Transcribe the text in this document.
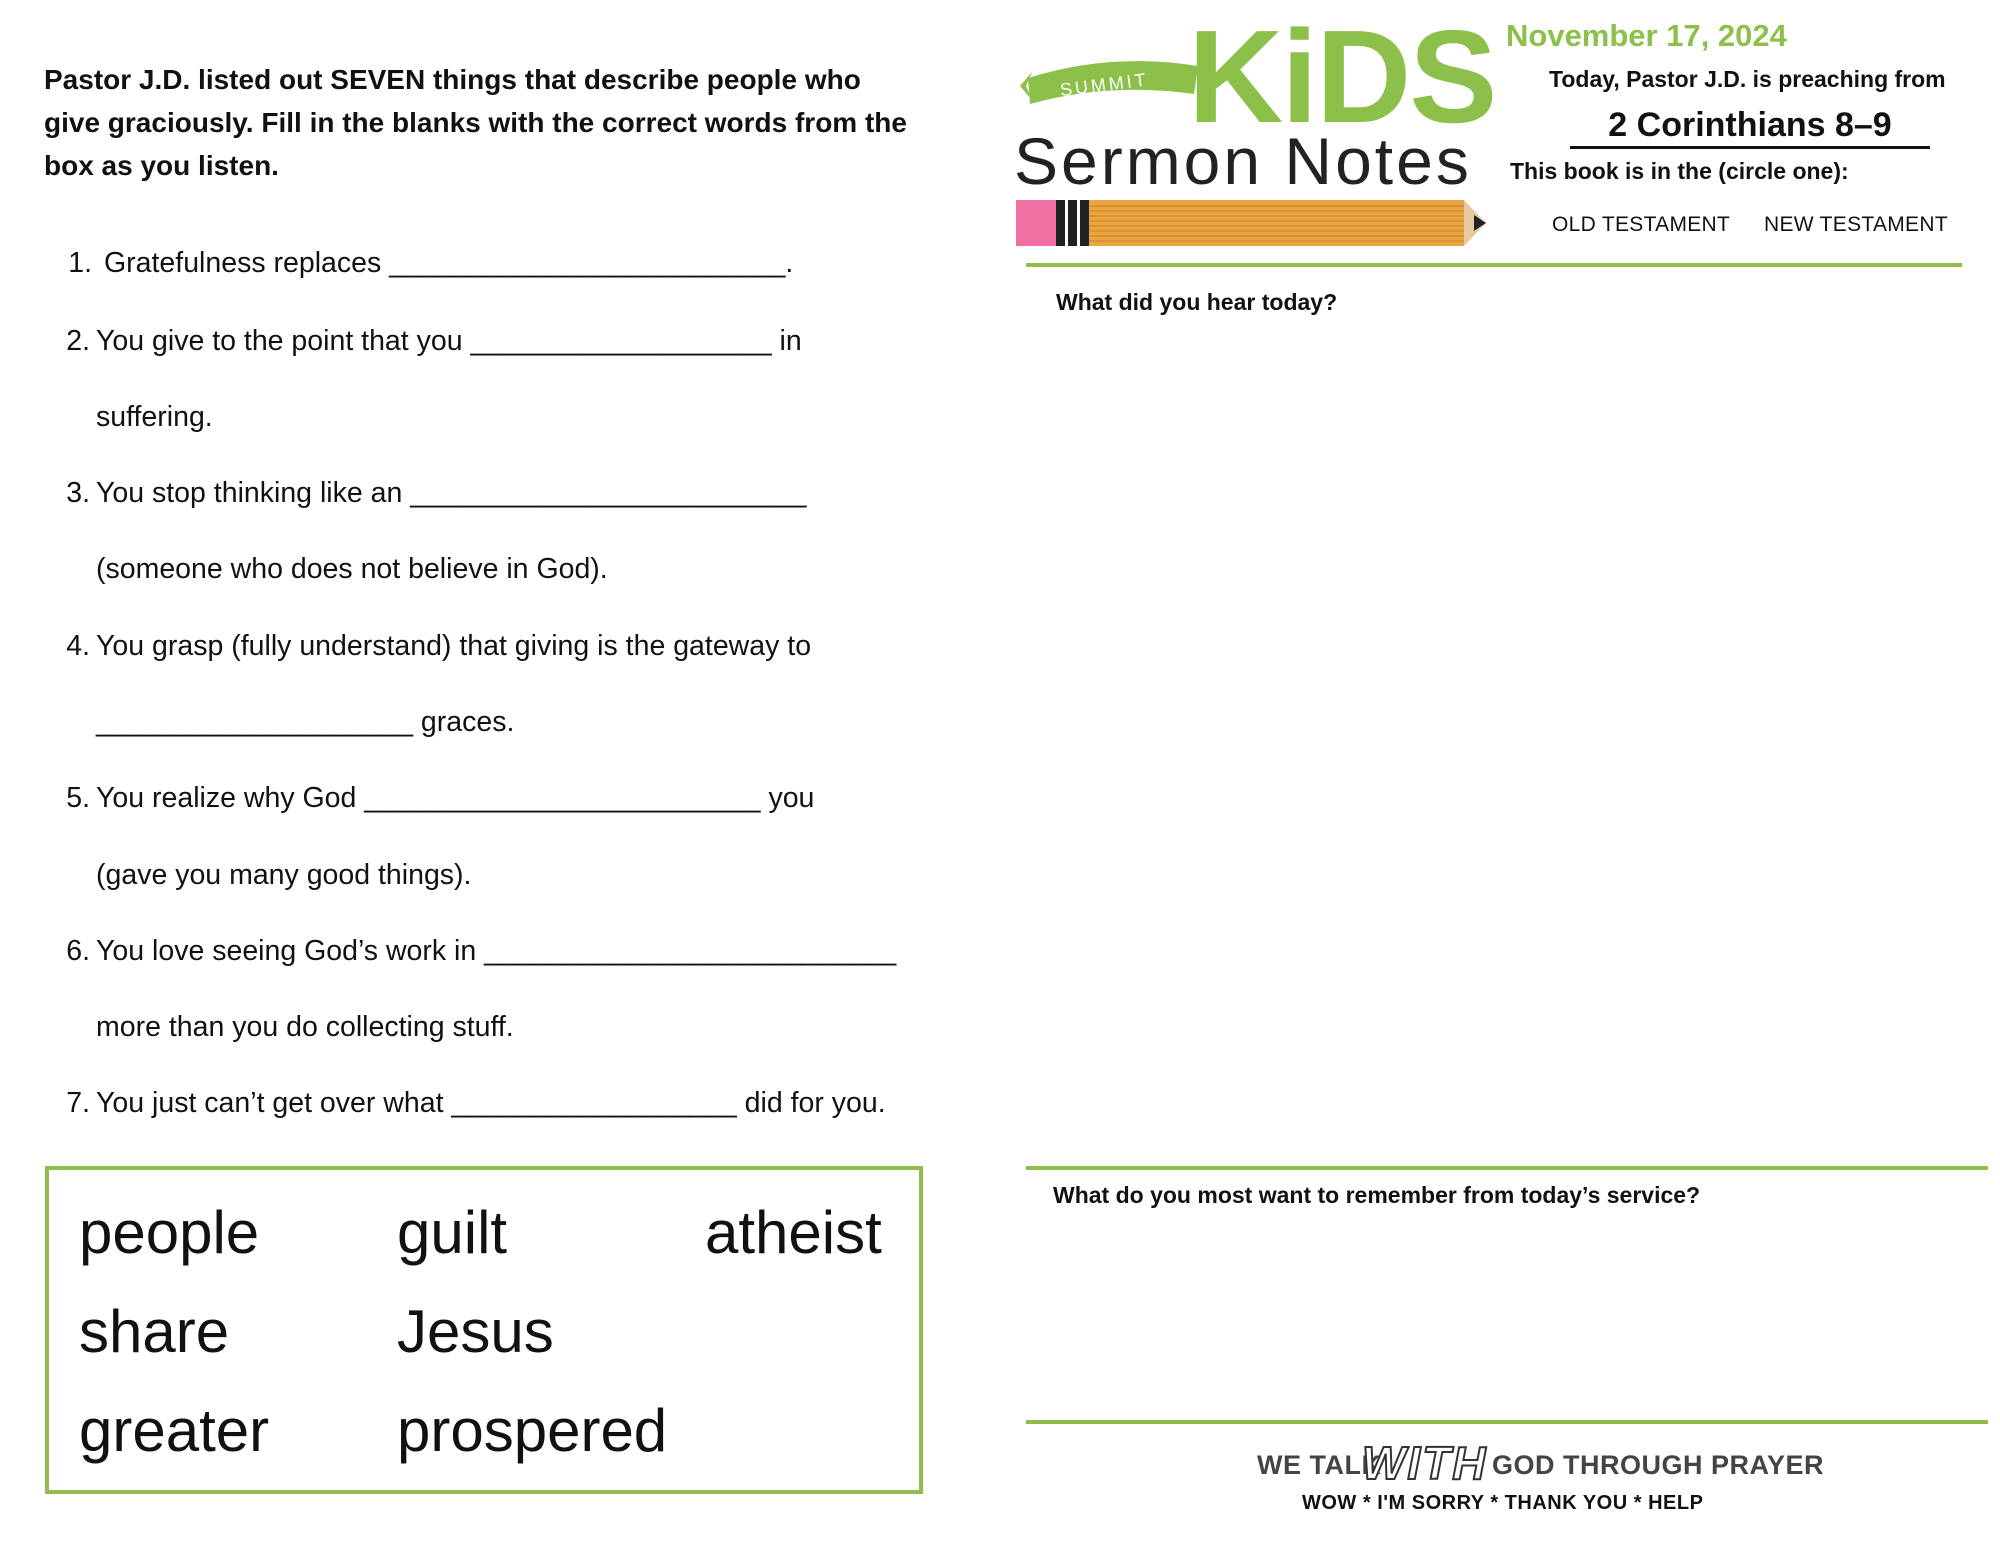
Pastor J.D. listed out SEVEN things that describe people who give graciously. Fill in the blanks with the correct words from the box as you listen.
1. Gratefulness replaces _________________________.
2. You give to the point that you ___________________ in
suffering.
3. You stop thinking like an _________________________
(someone who does not believe in God).
4. You grasp (fully understand) that giving is the gateway to
____________________ graces.
5. You realize why God _________________________ you
(gave you many good things).
6. You love seeing God’s work in __________________________
more than you do collecting stuff.
7. You just can’t get over what __________________ did for you.
people guilt	atheist
share	Jesus
greater prospered
SUMMIT KiDS
Sermon Notes
November 17, 2024
Today, Pastor J.D. is preaching from
2 Corinthians 8–9
This book is in the (circle one):
OLD TESTAMENT NEW TESTAMENT
What did you hear today?
What do you most want to remember from today’s service?
WE TALK
WITH GOD THROUGH PRAYER
WOW * I'M SORRY * THANK YOU * HELP
